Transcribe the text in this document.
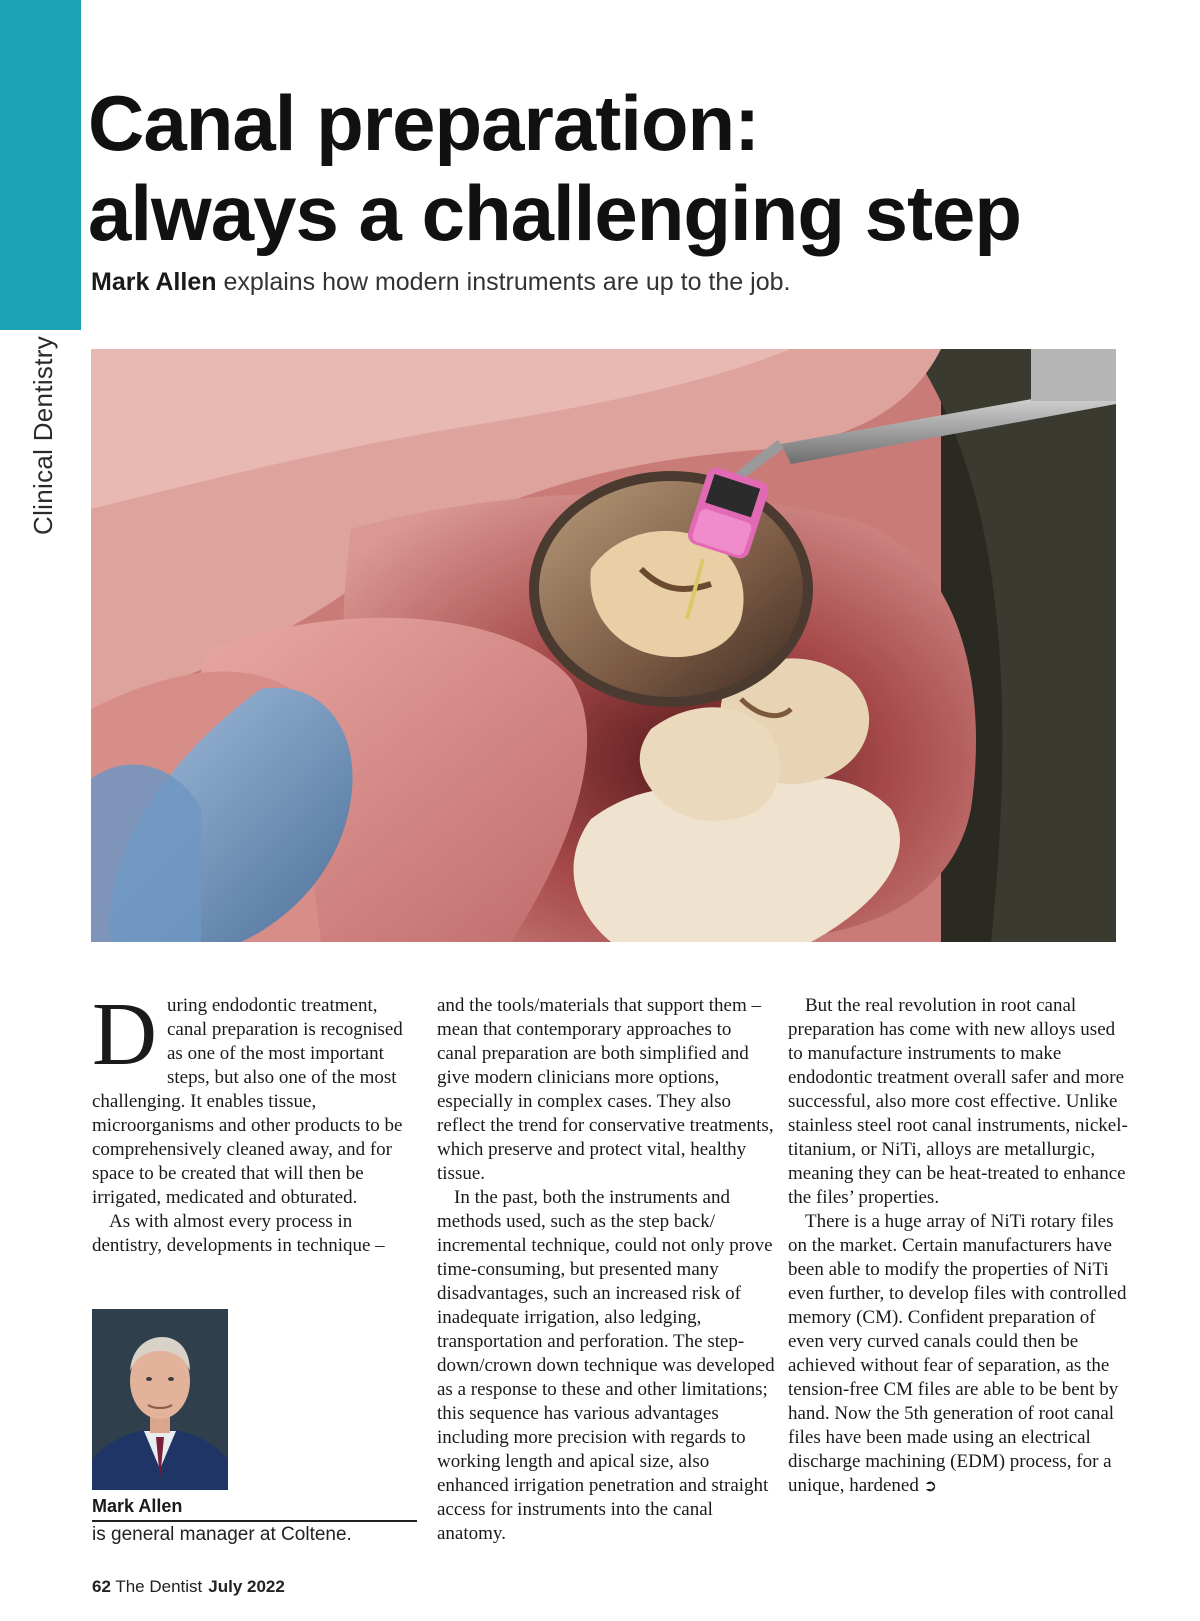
Clinical Dentistry
Canal preparation:
always a challenging step
Mark Allen explains how modern instruments are up to the job.

During endodontic treatment, canal preparation is recognised as one of the most important steps, but also one of the most challenging. It enables tissue, microorganisms and other products to be comprehensively cleaned away, and for space to be created that will then be irrigated, medicated and obturated.

As with almost every process in dentistry, developments in technique –

and the tools/materials that support them – mean that contemporary approaches to canal preparation are both simplified and give modern clinicians more options, especially in complex cases. They also reflect the trend for conservative treatments, which preserve and protect vital, healthy tissue.

In the past, both the instruments and methods used, such as the step back/ incremental technique, could not only prove time-consuming, but presented many disadvantages, such an increased risk of inadequate irrigation, also ledging, transportation and perforation. The step-down/crown down technique was developed as a response to these and other limitations; this sequence has various advantages including more precision with regards to working length and apical size, also enhanced irrigation penetration and straight access for instruments into the canal anatomy.

But the real revolution in root canal preparation has come with new alloys used to manufacture instruments to make endodontic treatment overall safer and more successful, also more cost effective. Unlike stainless steel root canal instruments, nickel-titanium, or NiTi, alloys are metallurgic, meaning they can be heat-treated to enhance the files’ properties.

There is a huge array of NiTi rotary files on the market. Certain manufacturers have been able to modify the properties of NiTi even further, to develop files with controlled memory (CM). Confident preparation of even very curved canals could then be achieved without fear of separation, as the tension-free CM files are able to be bent by hand. Now the 5th generation of root canal files have been made using an electrical discharge machining (EDM) process, for a unique, hardened ➲

Mark Allen
is general manager at Coltene.
62 The Dentist July 2022
